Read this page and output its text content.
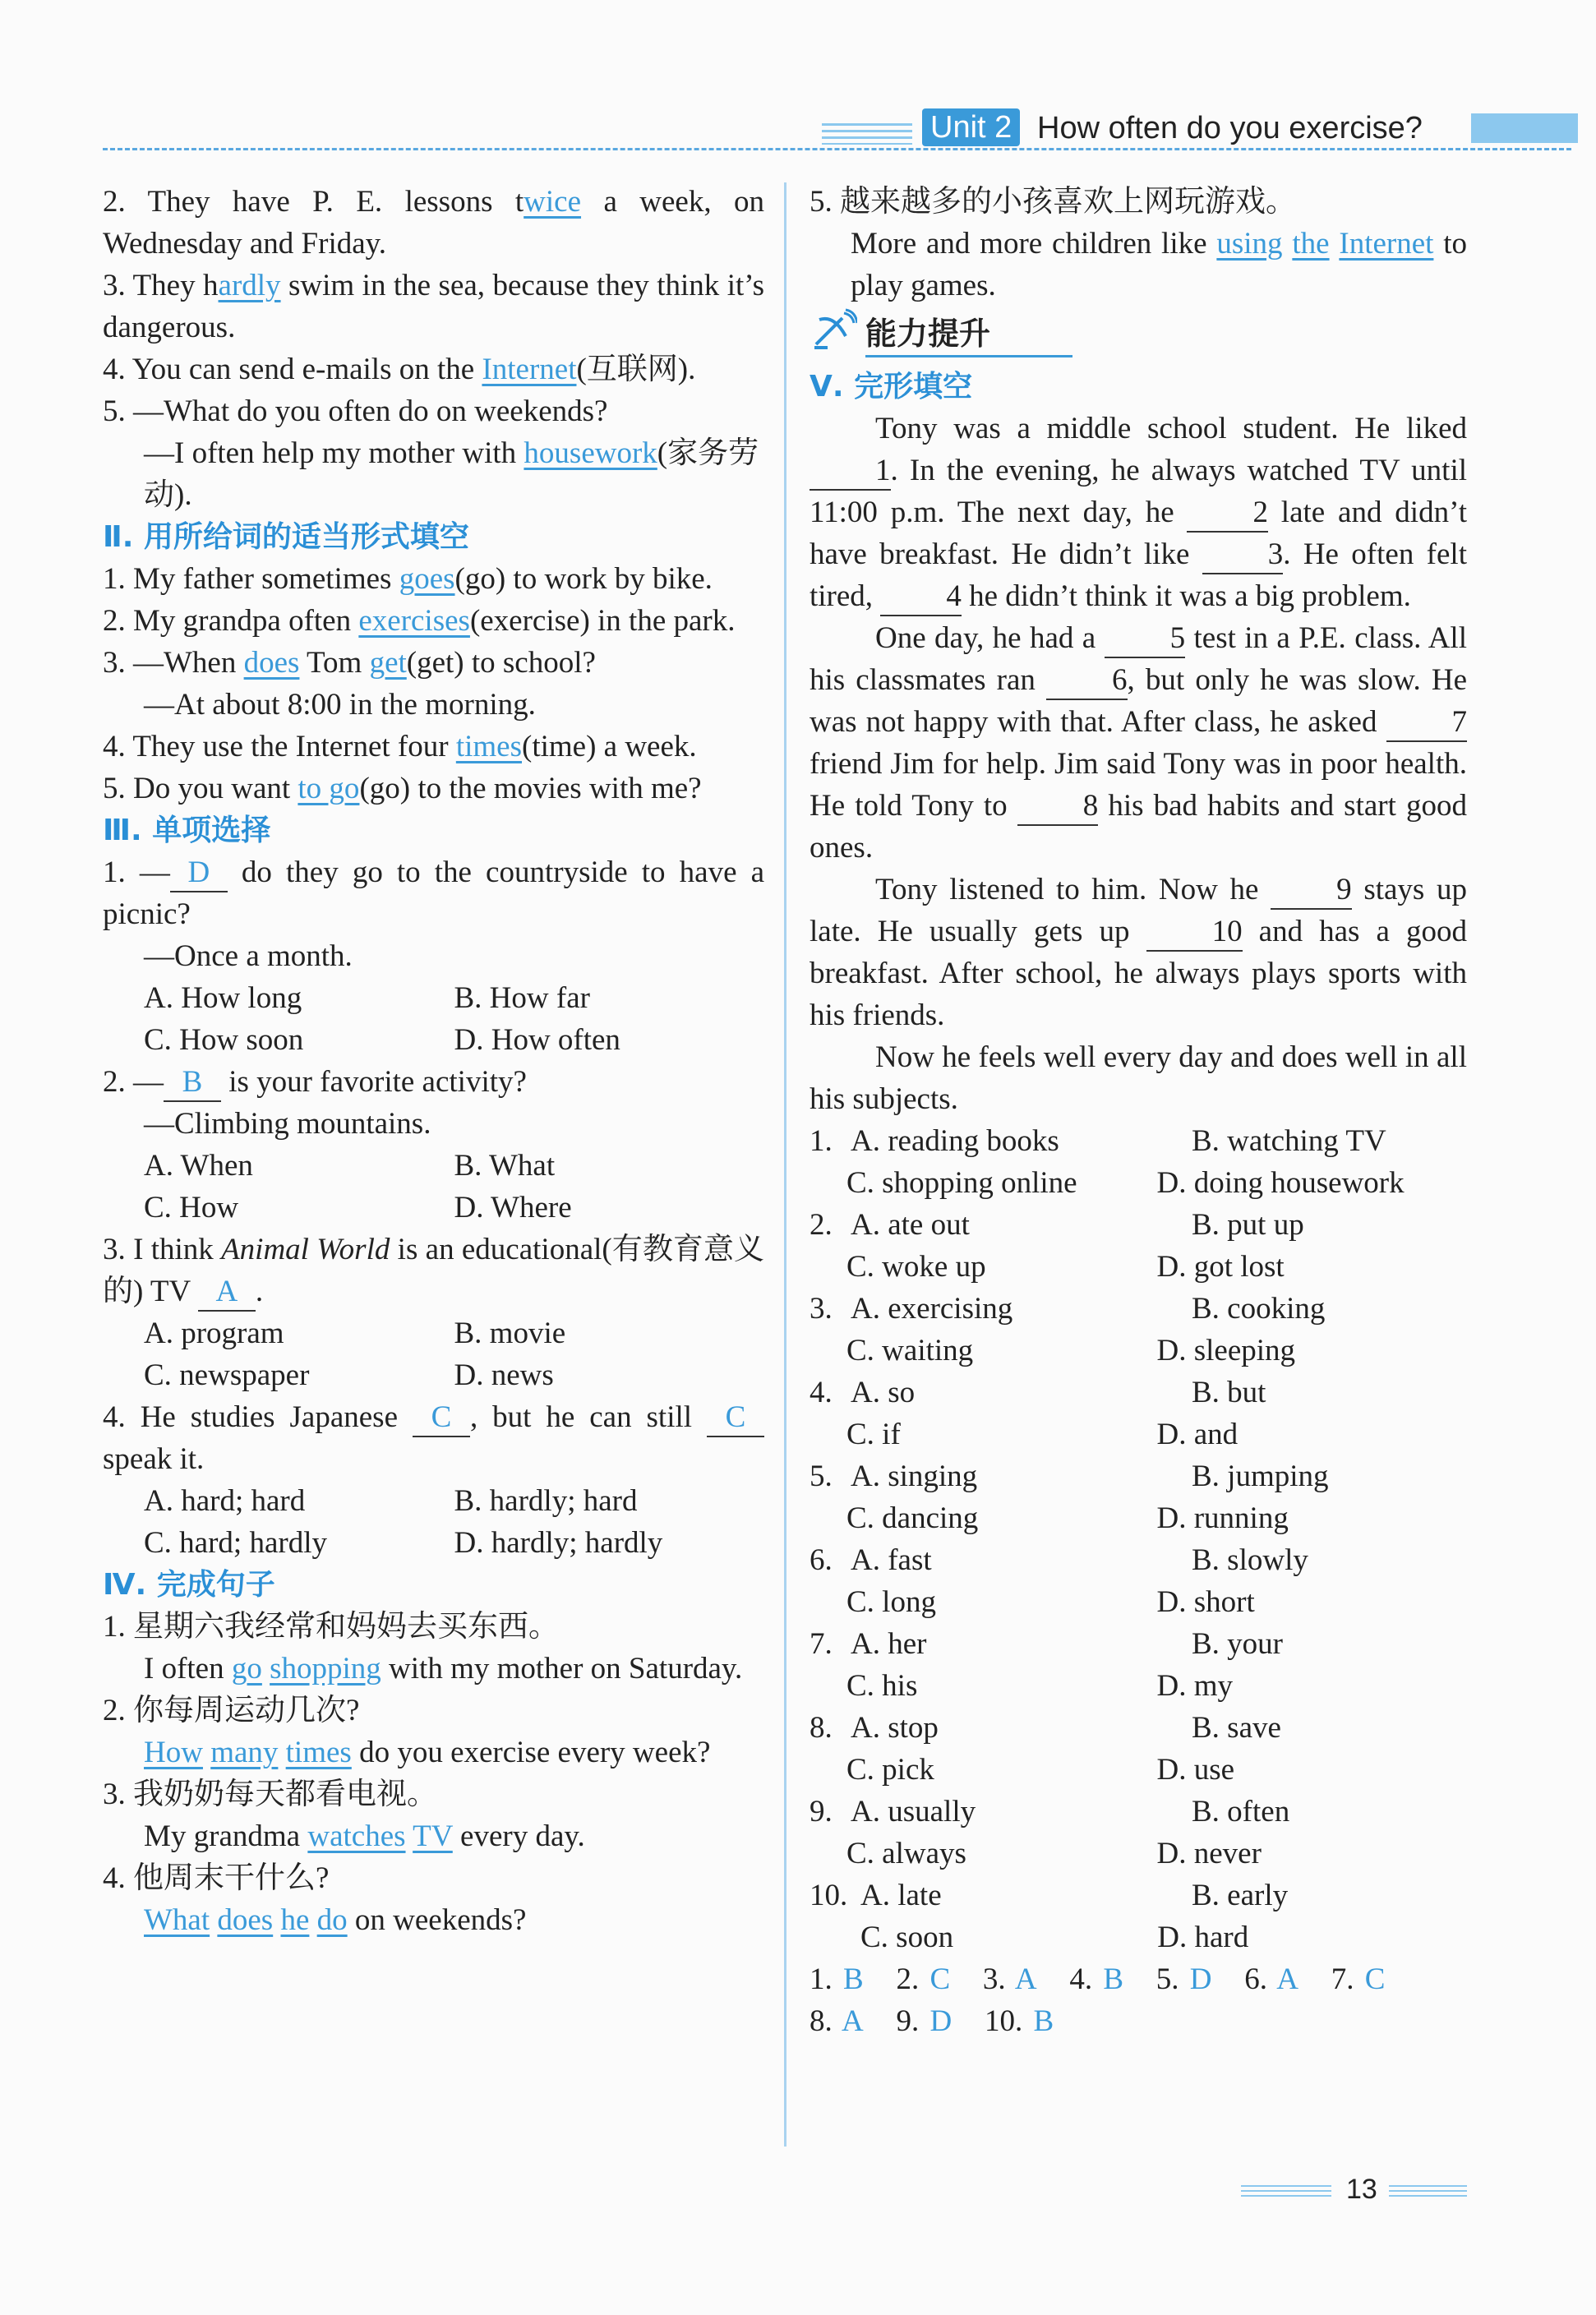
Unit 2 How often do you exercise?
2. They have P. E. lessons twice a week, on Wednesday and Friday.
3. They hardly swim in the sea, because they think it’s dangerous.
4. You can send e-mails on the Internet(互联网).
5. —What do you often do on weekends?
—I often help my mother with housework(家务劳动).
Ⅱ. 用所给词的适当形式填空
1. My father sometimes goes(go) to work by bike.
2. My grandpa often exercises(exercise) in the park.
3. —When does Tom get(get) to school?
—At about 8:00 in the morning.
4. They use the Internet four times(time) a week.
5. Do you want to go(go) to the movies with me?
Ⅲ. 单项选择
1. — D do they go to the countryside to have a picnic?
—Once a month.
A. How long	B. How far
C. How soon	D. How often
2. — B is your favorite activity?
—Climbing mountains.
A. When	B. What
C. How	D. Where
3. I think Animal World is an educational(有教育意义的) TV A .
A. program	B. movie
C. newspaper	D. news
4. He studies Japanese C , but he can still C speak it.
A. hard; hard	B. hardly; hard
C. hard; hardly	D. hardly; hardly
Ⅳ. 完成句子
1. 星期六我经常和妈妈去买东西。
I often go shopping with my mother on Saturday.
2. 你每周运动几次?
How many times do you exercise every week?
3. 我奶奶每天都看电视。
My grandma watches TV every day.
4. 他周末干什么?
What does he do on weekends?
5. 越来越多的小孩喜欢上网玩游戏。
More and more children like using the Internet to play games.
能力提升
Ⅴ. 完形填空
Tony was a middle school student. He liked 1. In the evening, he always watched TV until 11:00 p.m. The next day, he 2 late and didn’t have breakfast. He didn’t like 3. He often felt tired, 4 he didn’t think it was a big problem.
One day, he had a 5 test in a P.E. class. All his classmates ran 6, but only he was slow. He was not happy with that. After class, he asked 7 friend Jim for help. Jim said Tony was in poor health. He told Tony to 8 his bad habits and start good ones.
Tony listened to him. Now he 9 stays up late. He usually gets up 10 and has a good breakfast. After school, he always plays sports with his friends.
Now he feels well every day and does well in all his subjects.
1. A. reading books	B. watching TV
C. shopping online	D. doing housework
2. A. ate out	B. put up
C. woke up	D. got lost
3. A. exercising	B. cooking
C. waiting	D. sleeping
4. A. so	B. but
C. if	D. and
5. A. singing	B. jumping
C. dancing	D. running
6. A. fast	B. slowly
C. long	D. short
7. A. her	B. your
C. his	D. my
8. A. stop	B. save
C. pick	D. use
9. A. usually	B. often
C. always	D. never
10. A. late	B. early
C. soon	D. hard
1. B 2. C 3. A 4. B 5. D 6. A 7. C
8. A 9. D 10. B
13
